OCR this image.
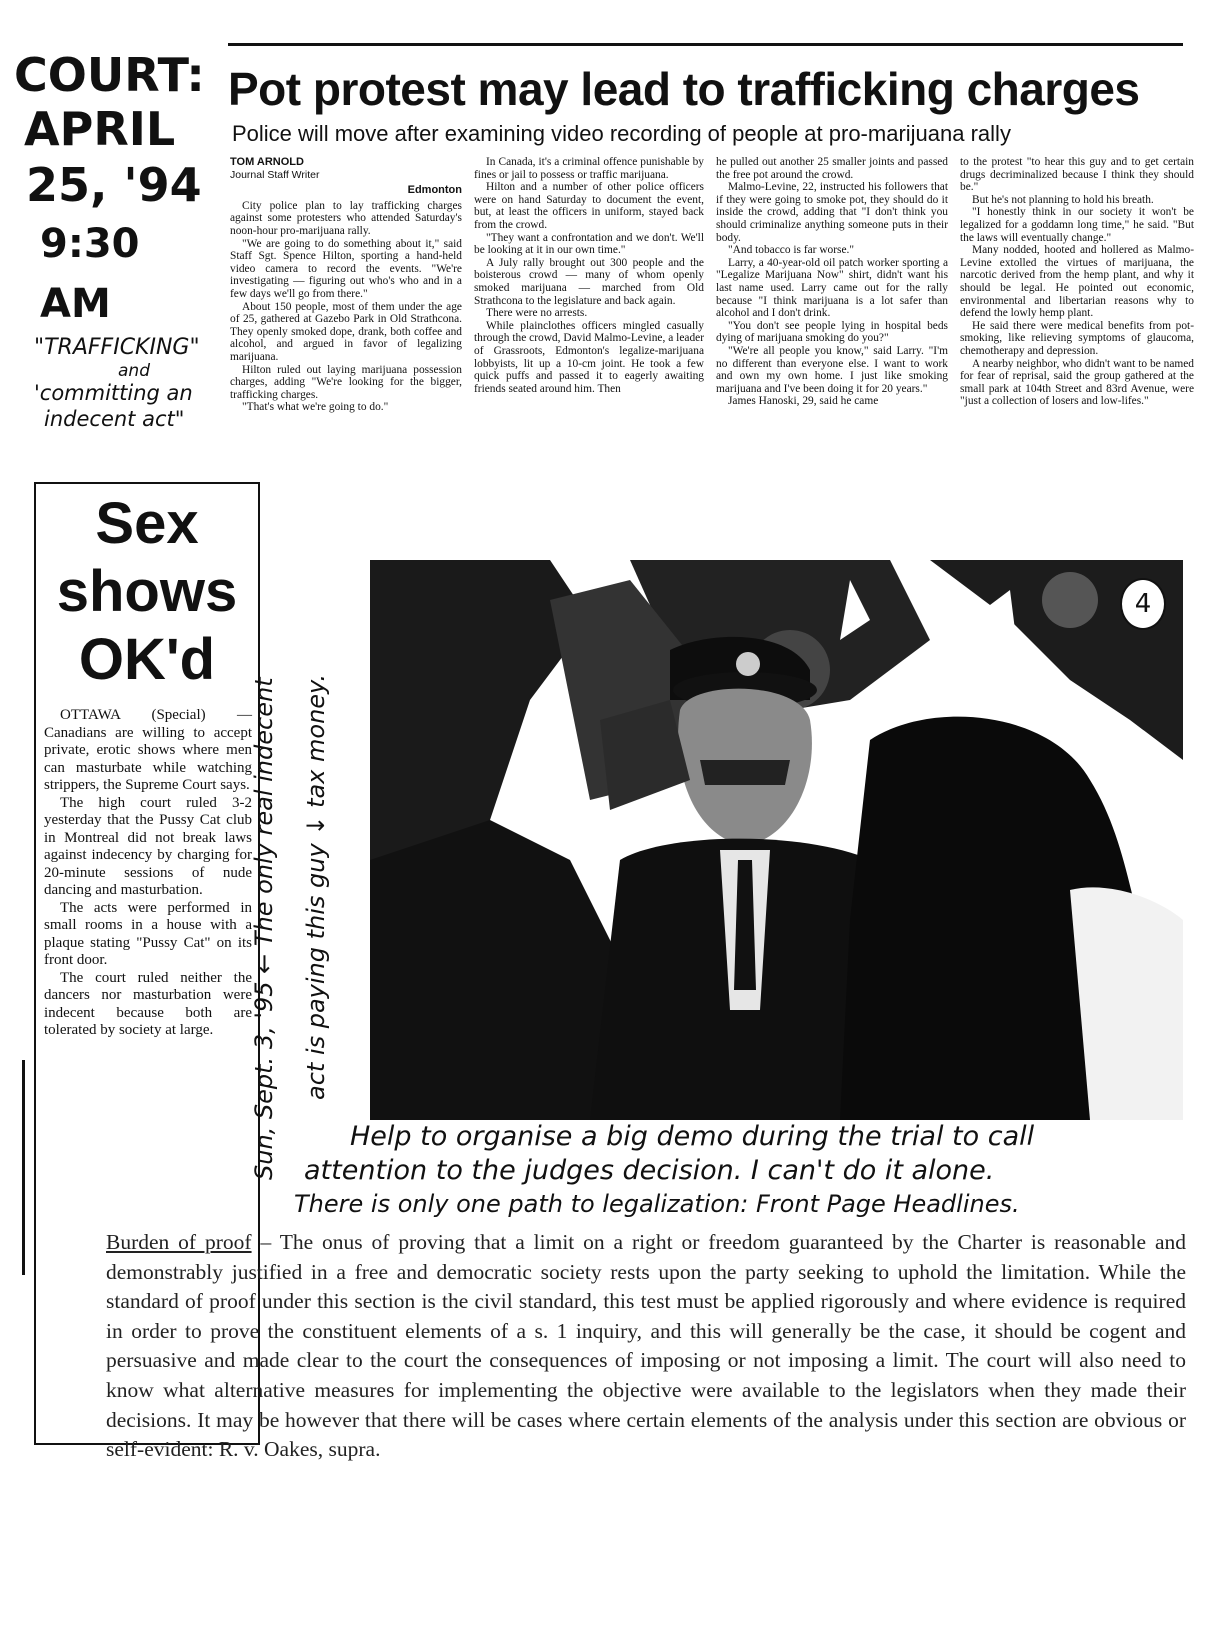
COURT:
APRIL
25, '94
9:30 AM
"TRAFFICKING"
and
'committing an
indecent act"
Pot protest may lead to trafficking charges
Police will move after examining video recording of people at pro-marijuana rally

TOM ARNOLD

Journal Staff Writer

Edmonton

City police plan to lay trafficking charges against some protesters who attended Saturday's noon-hour pro-marijuana rally.

"We are going to do something about it," said Staff Sgt. Spence Hilton, sporting a hand-held video camera to record the events. "We're investigating — figuring out who's who and in a few days we'll go from there."

About 150 people, most of them under the age of 25, gathered at Gazebo Park in Old Strathcona. They openly smoked dope, drank, both coffee and alcohol, and argued in favor of legalizing marijuana.

Hilton ruled out laying marijuana possession charges, adding "We're looking for the bigger, trafficking charges.

"That's what we're going to do."

In Canada, it's a criminal offence punishable by fines or jail to possess or traffic marijuana.

Hilton and a number of other police officers were on hand Saturday to document the event, but, at least the officers in uniform, stayed back from the crowd.

"They want a confrontation and we don't. We'll be looking at it in our own time."

A July rally brought out 300 people and the boisterous crowd — many of whom openly smoked marijuana — marched from Old Strathcona to the legislature and back again.

There were no arrests.

While plainclothes officers mingled casually through the crowd, David Malmo-Levine, a leader of Grassroots, Edmonton's legalize-marijuana lobbyists, lit up a 10-cm joint. He took a few quick puffs and passed it to eagerly awaiting friends seated around him. Then

he pulled out another 25 smaller joints and passed the free pot around the crowd.

Malmo-Levine, 22, instructed his followers that if they were going to smoke pot, they should do it inside the crowd, adding that "I don't think you should criminalize anything someone puts in their body.

"And tobacco is far worse."

Larry, a 40-year-old oil patch worker sporting a "Legalize Marijuana Now" shirt, didn't want his last name used. Larry came out for the rally because "I think marijuana is a lot safer than alcohol and I don't drink.

"You don't see people lying in hospital beds dying of marijuana smoking do you?"

"We're all people you know," said Larry. "I'm no different than everyone else. I want to work and own my own home. I just like smoking marijuana and I've been doing it for 20 years."

James Hanoski, 29, said he came

to the protest "to hear this guy and to get certain drugs decriminalized because I think they should be."

But he's not planning to hold his breath.

"I honestly think in our society it won't be legalized for a goddamn long time," he said. "But the laws will eventually change."

Many nodded, hooted and hollered as Malmo-Levine extolled the virtues of marijuana, the narcotic derived from the hemp plant, and why it should be legal. He pointed out economic, environmental and libertarian reasons why to defend the lowly hemp plant.

He said there were medical benefits from pot-smoking, like relieving symptoms of glaucoma, chemotherapy and depression.

A nearby neighbor, who didn't want to be named for fear of reprisal, said the group gathered at the small park at 104th Street and 83rd Avenue, were "just a collection of losers and low-lifes."

Sex
shows
OK'd

OTTAWA (Special) — Canadians are willing to accept private, erotic shows where men can masturbate while watching strippers, the Supreme Court says.

The high court ruled 3-2 yesterday that the Pussy Cat club in Montreal did not break laws against indecency by charging for 20-minute sessions of nude dancing and masturbation.

The acts were performed in small rooms in a house with a plaque stating "Pussy Cat" on its front door.

The court ruled neither the dancers nor masturbation were indecent because both are tolerated by society at large.	Sun, Sept. 3, '95 ← The only real indecent act is paying this guy ↓ tax money.
4
Help to organise a big demo during the trial to call
attention to the judges decision. I can't do it alone.
There is only one path to legalization: Front Page Headlines.
Burden of proof – The onus of proving that a limit on a right or freedom guaranteed by the Charter is reasonable and demonstrably justified in a free and democratic society rests upon the party seeking to uphold the limitation. While the standard of proof under this section is the civil standard, this test must be applied rigorously and where evidence is required in order to prove the constituent elements of a s. 1 inquiry, and this will generally be the case, it should be cogent and persuasive and made clear to the court the consequences of imposing or not imposing a limit. The court will also need to know what alternative measures for implementing the objective were available to the legislators when they made their decisions. It may be however that there will be cases where certain elements of the analysis under this section are obvious or self-evident: R. v. Oakes, supra.
